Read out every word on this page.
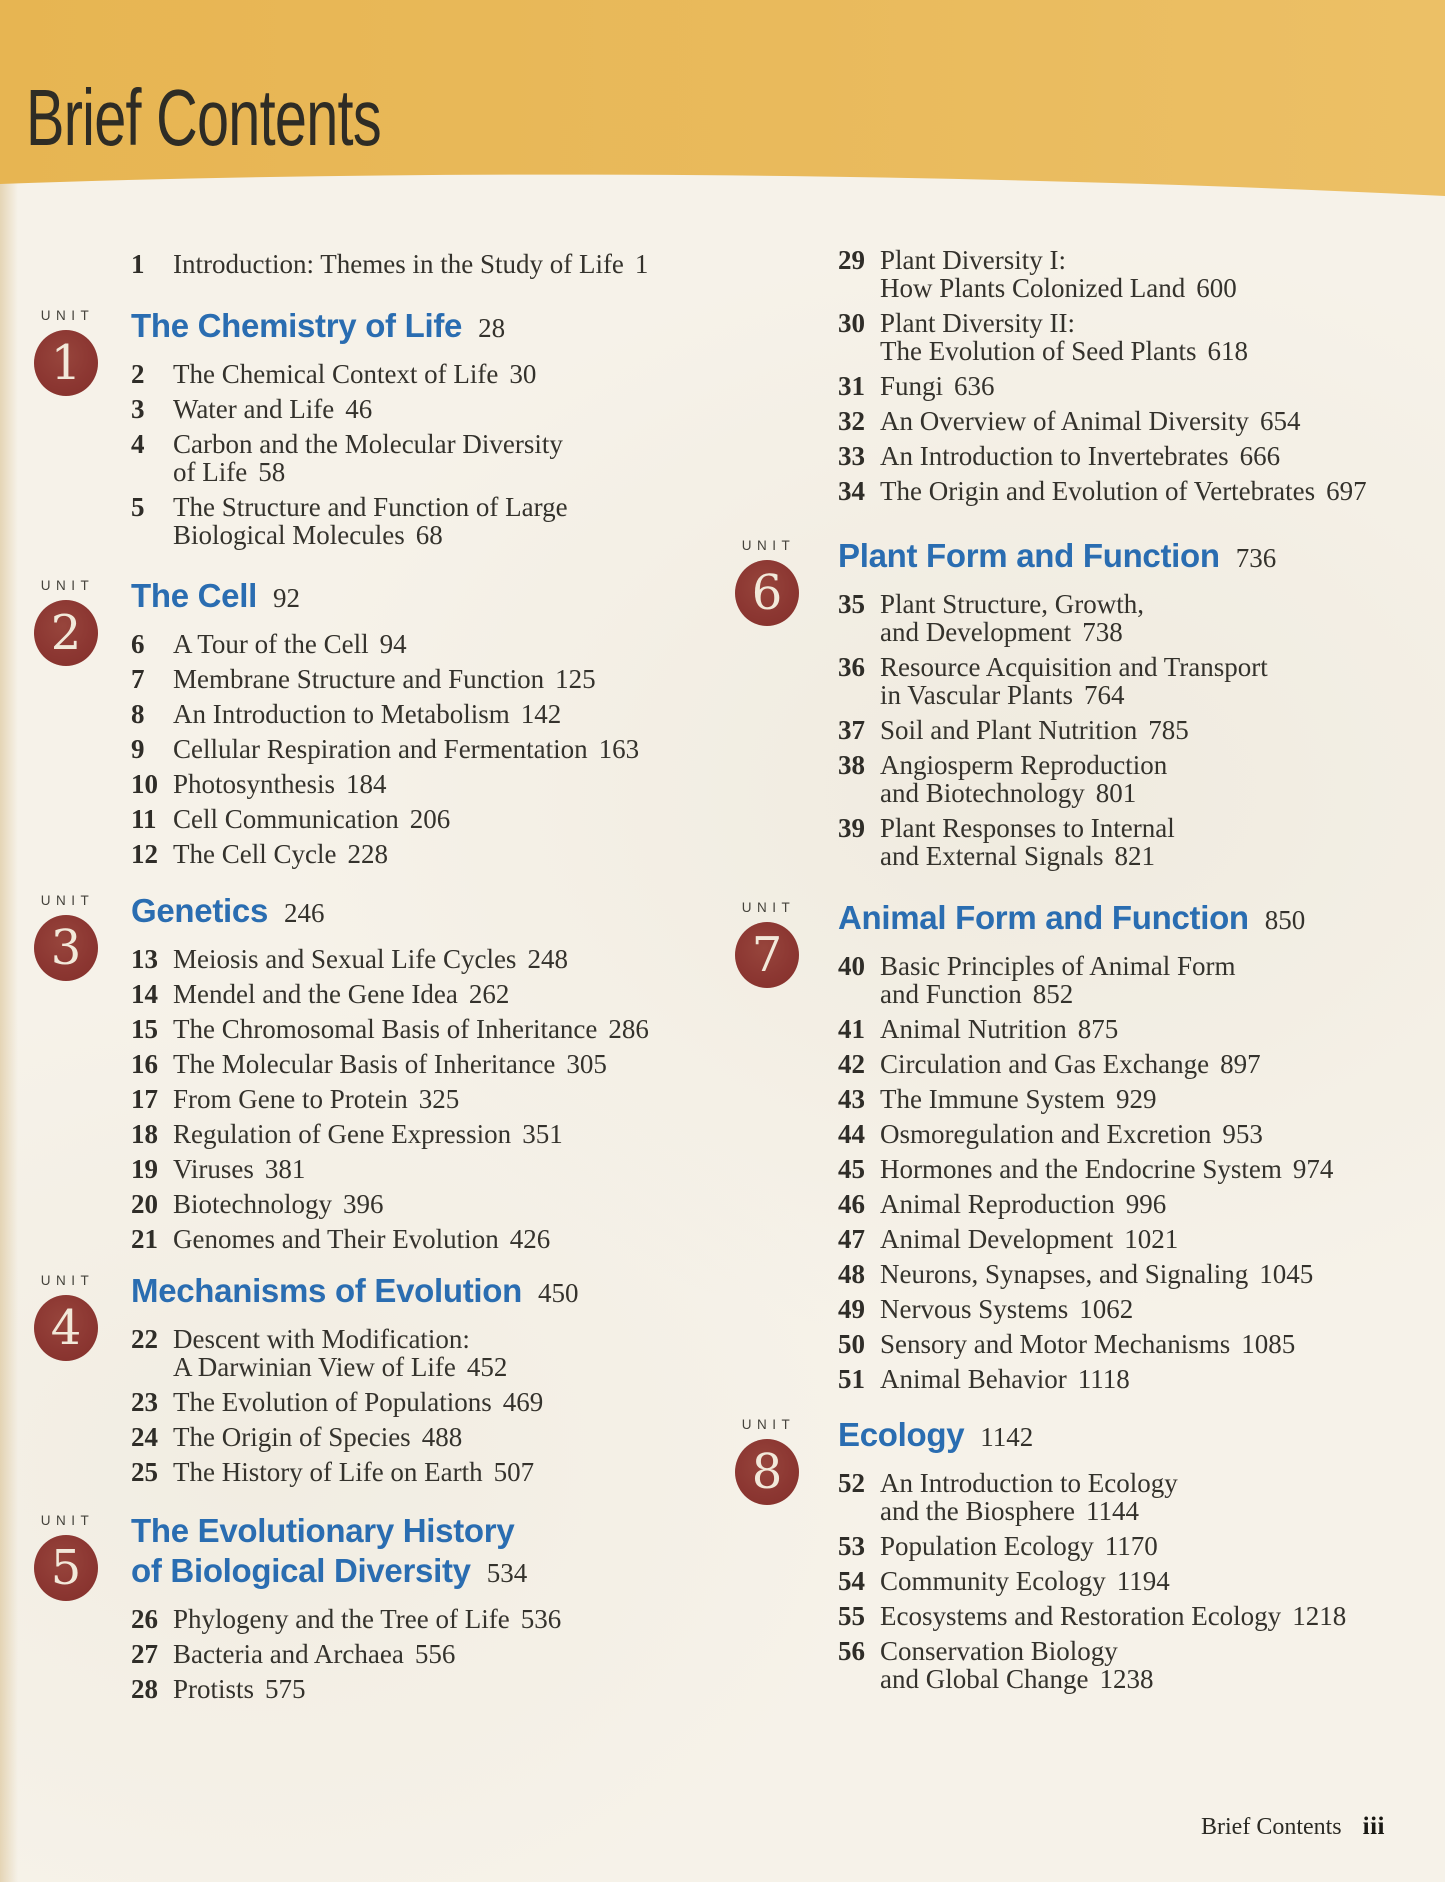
Brief Contents
1	Introduction: Themes in the Study of Life 1
UNIT
1
The Chemistry of Life 28
2	The Chemical Context of Life 30
3	Water and Life 46
4	Carbon and the Molecular Diversity
of Life 58
5	The Structure and Function of Large
Biological Molecules 68
UNIT
2
The Cell 92
6	A Tour of the Cell 94
7	Membrane Structure and Function 125
8	An Introduction to Metabolism 142
9	Cellular Respiration and Fermentation 163
10 Photosynthesis 184
11 Cell Communication 206
12 The Cell Cycle 228
UNIT
3
Genetics 246
13 Meiosis and Sexual Life Cycles 248
14 Mendel and the Gene Idea 262
15 The Chromosomal Basis of Inheritance 286
16 The Molecular Basis of Inheritance 305
17 From Gene to Protein 325
18 Regulation of Gene Expression 351
19 Viruses 381
20 Biotechnology 396
21 Genomes and Their Evolution 426
UNIT
4
Mechanisms of Evolution 450
22 Descent with Modification:
A Darwinian View of Life 452
23 The Evolution of Populations 469
24 The Origin of Species 488
25 The History of Life on Earth 507
UNIT
5
The Evolutionary History
of Biological Diversity 534
26 Phylogeny and the Tree of Life 536
27 Bacteria and Archaea 556
28 Protists 575
29 Plant Diversity I:
How Plants Colonized Land 600
30 Plant Diversity II:
The Evolution of Seed Plants 618
31 Fungi 636
32 An Overview of Animal Diversity 654
33 An Introduction to Invertebrates 666
34 The Origin and Evolution of Vertebrates 697
UNIT
6
Plant Form and Function 736
35 Plant Structure, Growth,
and Development 738
36 Resource Acquisition and Transport
in Vascular Plants 764
37 Soil and Plant Nutrition 785
38 Angiosperm Reproduction
and Biotechnology 801
39 Plant Responses to Internal
and External Signals 821
UNIT
7
Animal Form and Function 850
40 Basic Principles of Animal Form
and Function 852
41 Animal Nutrition 875
42 Circulation and Gas Exchange 897
43 The Immune System 929
44 Osmoregulation and Excretion 953
45 Hormones and the Endocrine System 974
46 Animal Reproduction 996
47 Animal Development 1021
48 Neurons, Synapses, and Signaling 1045
49 Nervous Systems 1062
50 Sensory and Motor Mechanisms 1085
51 Animal Behavior 1118
UNIT
8
Ecology 1142
52 An Introduction to Ecology
and the Biosphere 1144
53 Population Ecology 1170
54 Community Ecology 1194
55 Ecosystems and Restoration Ecology 1218
56 Conservation Biology
and Global Change 1238
Brief Contents iii
